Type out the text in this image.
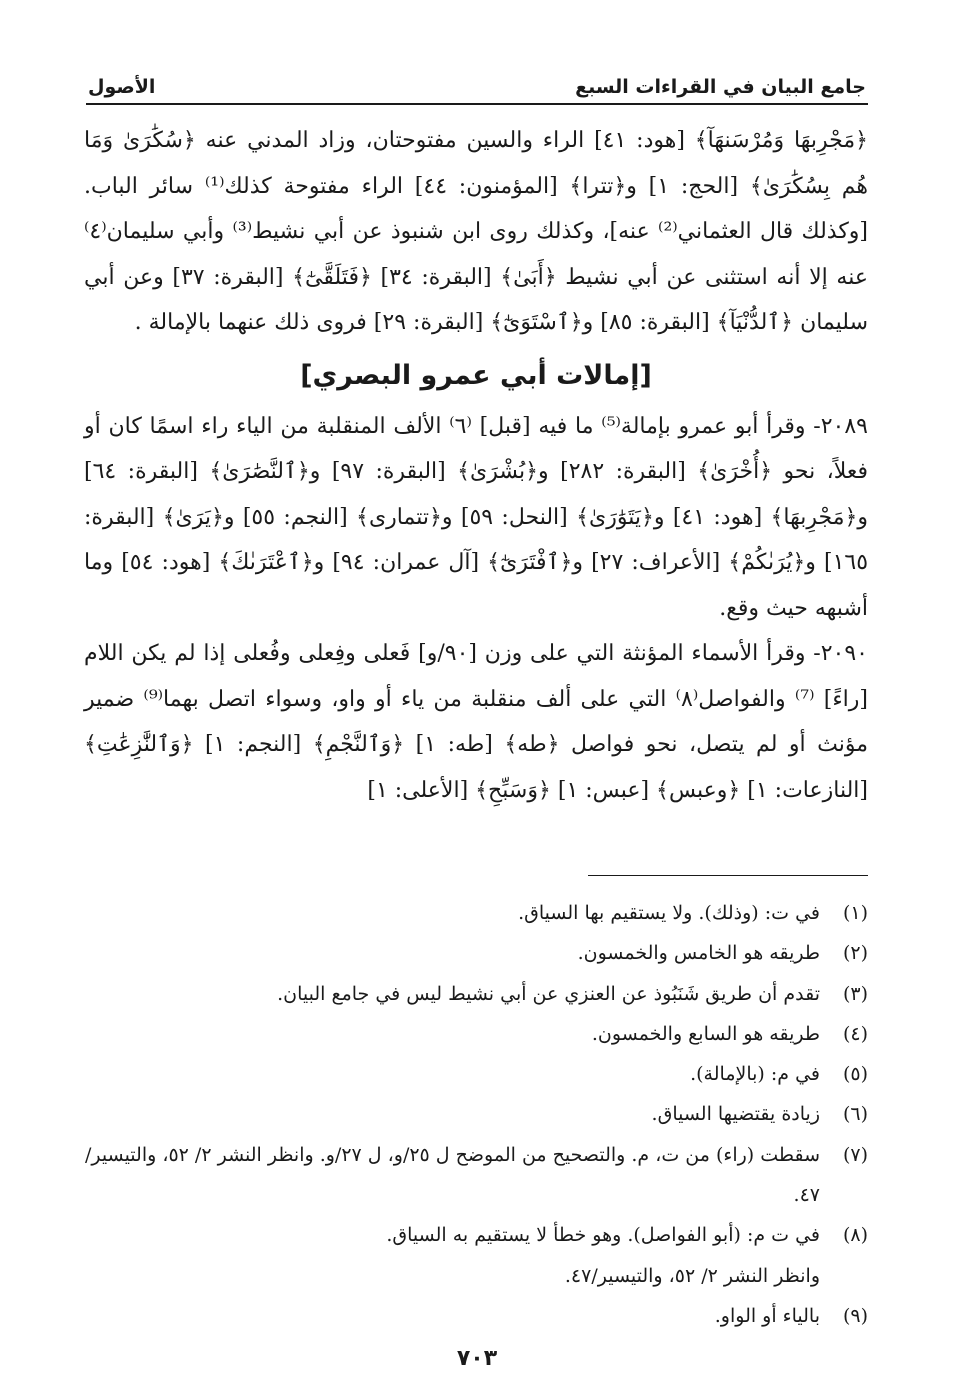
جامع البيان في القراءات السبع
الأصول

﴿مَجْرِبهَا وَمُرْسَنهَآ﴾ [هود: ٤١] الراء والسين مفتوحتان، وزاد المدني عنه ﴿سُكَٰرَىٰ وَمَا هُم بِسُكَٰرَىٰ﴾ [الحج: ١] و﴿تترا﴾ [المؤمنون: ٤٤] الراء مفتوحة كذلك⁽¹⁾ سائر الباب. [وكذلك قال العثماني⁽²⁾ عنه]، وكذلك روى ابن شنبوذ عن أبي نشيط⁽³⁾ وأبي سليمان⁽٤⁾ عنه إلا أنه استثنى عن أبي نشيط ﴿أَبَىٰ﴾ [البقرة: ٣٤] ﴿فَتَلَقَّىٰٓ﴾ [البقرة: ٣٧] وعن أبي سليمان ﴿ٱلدُّنْيَآ﴾ [البقرة: ٨٥] و﴿ٱسْتَوَىٰٓ﴾ [البقرة: ٢٩] فروى ذلك عنهما بالإمالة .

[إمالات أبي عمرو البصري]

٢٠٨٩- وقرأ أبو عمرو بإمالة⁽⁵⁾ ما فيه [قبل] ⁽٦⁾ الألف المنقلبة من الياء راء اسمًا كان أو فعلاً، نحو ﴿أُخْرَىٰ﴾ [البقرة: ٢٨٢] و﴿بُشْرَىٰ﴾ [البقرة: ٩٧] و﴿ٱلنَّصَٰرَىٰ﴾ [البقرة: ٦٤] و﴿مَجْرِبهَا﴾ [هود: ٤١] و﴿يَتَوَٰرَىٰ﴾ [النحل: ٥٩] و﴿تتمارى﴾ [النجم: ٥٥] و﴿يَرَىٰ﴾ [البقرة: ١٦٥] و﴿يُرَىٰكُمْ﴾ [الأعراف: ٢٧] و﴿ٱفْتَرَىٰٓ﴾ [آل عمران: ٩٤] و﴿ٱعْتَرَىٰكَ﴾ [هود: ٥٤] وما أشبهه حيث وقع.

٢٠٩٠- وقرأ الأسماء المؤنثة التي على وزن [٩٠/و] فَعلى وفِعلى وفُعلى إذا لم يكن اللام [راءً] ⁽⁷⁾ والفواصل⁽٨⁾ التي على ألف منقلبة من ياء أو واو، وسواء اتصل بهما⁽⁹⁾ ضمير مؤنث أو لم يتصل، نحو فواصل ﴿طه﴾ [طه: ١] ﴿وَٱلنَّجْمِ﴾ [النجم: ١] ﴿وَٱلنَّٰزِعَٰتِ﴾ [النازعات: ١] ﴿وعبس﴾ [عبس: ١] ﴿وَسَبِّحِ﴾ [الأعلى: ١]

(١)
في ت: (وذلك). ولا يستقيم بها السياق.

(٢)
طريقه هو الخامس والخمسون.

(٣)
تقدم أن طريق شَنَبُوذ عن العنزي عن أبي نشيط ليس في جامع البيان.

(٤)
طريقه هو السابع والخمسون.

(٥)
في م: (بالإمالة).

(٦)
زيادة يقتضيها السياق.

(٧)
سقطت (راء) من ت، م. والتصحيح من الموضح ل ٢٥/و، ل ٢٧/و. وانظر النشر ٢/ ٥٢، والتيسير/٤٧.

(٨)
في ت م: (أبو الفواصل). وهو خطأ لا يستقيم به السياق.

وانظر النشر ٢/ ٥٢، والتيسير/٤٧.

(٩)
بالياء أو الواو.

٧٠٣
